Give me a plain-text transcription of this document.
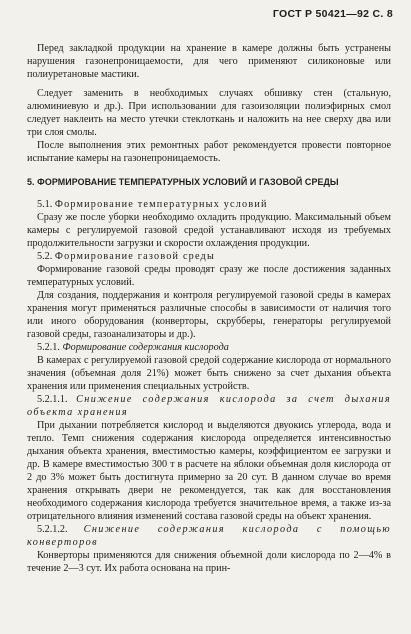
ГОСТ Р 50421—92 С. 8

Перед закладкой продукции на хранение в камере должны быть устранены нарушения газонепроницаемости, для чего применяют силиконовые или полиуретановые мастики.

Следует заменить в необходимых случаях обшивку стен (стальную, алюминиевую и др.). При использовании для газоизоляции полиэфирных смол следует наклеить на место утечки стеклоткань и наложить на нее сверху два или три слоя смолы.

После выполнения этих ремонтных работ рекомендуется провести повторное испытание камеры на газонепроницаемость.

5. ФОРМИРОВАНИЕ ТЕМПЕРАТУРНЫХ УСЛОВИЙ И ГАЗОВОЙ СРЕДЫ

5.1. Формирование температурных условий

Сразу же после уборки необходимо охладить продукцию. Максимальный объем камеры с регулируемой газовой средой устанавливают исходя из требуемых продолжительности загрузки и скорости охлаждения продукции.

5.2. Формирование газовой среды

Формирование газовой среды проводят сразу же после достижения заданных температурных условий.

Для создания, поддержания и контроля регулируемой газовой среды в камерах хранения могут применяться различные способы в зависимости от наличия того или иного оборудования (конверторы, скрубберы, генераторы регулируемой газовой среды, газоанализаторы и др.).

5.2.1. Формирование содержания кислорода

В камерах с регулируемой газовой средой содержание кислорода от нормального значения (объемная доля 21%) может быть снижено за счет дыхания объекта хранения или применения специальных устройств.

5.2.1.1. Снижение содержания кислорода за счет дыхания объекта хранения

При дыхании потребляется кислород и выделяются двуокись углерода, вода и тепло. Темп снижения содержания кислорода определяется интенсивностью дыхания объекта хранения, вместимостью камеры, коэффициентом ее загрузки и др. В камере вместимостью 300 т в расчете на яблоки объемная доля кислорода от 2 до 3% может быть достигнута примерно за 20 сут. В данном случае во время хранения открывать двери не рекомендуется, так как для восстановления необходимого содержания кислорода требуется значительное время, а также из-за отрицательного влияния изменений состава газовой среды на объект хранения.

5.2.1.2. Снижение содержания кислорода с помощью конверторов

Конверторы применяются для снижения объемной доли кислорода по 2—4% в течение 2—3 сут. Их работа основана на прин-
